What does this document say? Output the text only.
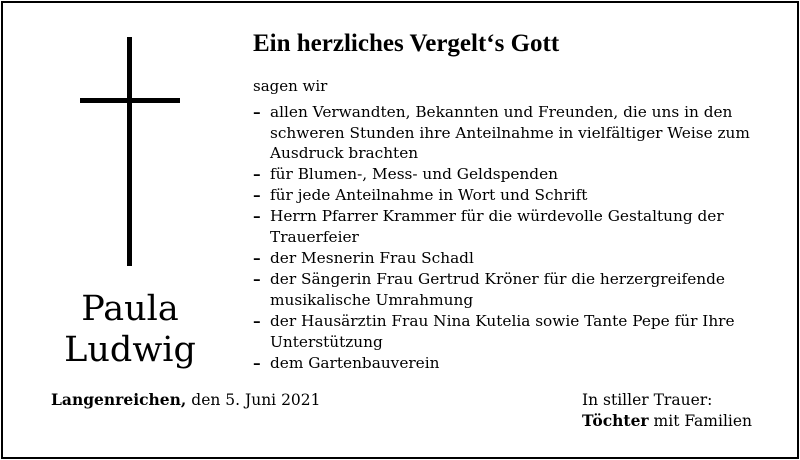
Paula
Ludwig
Ein herzliches Vergelt‘s Gott
sagen wir
– allen Verwandten, Bekannten und Freunden, die uns in den
schweren Stunden ihre Anteilnahme in vielfältiger Weise zum
Ausdruck brachten
– für Blumen-, Mess- und Geldspenden
– für jede Anteilnahme in Wort und Schrift
– Herrn Pfarrer Krammer für die würdevolle Gestaltung der
Trauerfeier
– der Mesnerin Frau Schadl
– der Sängerin Frau Gertrud Kröner für die herzergreifende
musikalische Umrahmung
– der Hausärztin Frau Nina Kutelia sowie Tante Pepe für Ihre
Unterstützung
– dem Gartenbauverein
Langenreichen, den 5. Juni 2021	In stiller Trauer:
Töchter mit Familien
